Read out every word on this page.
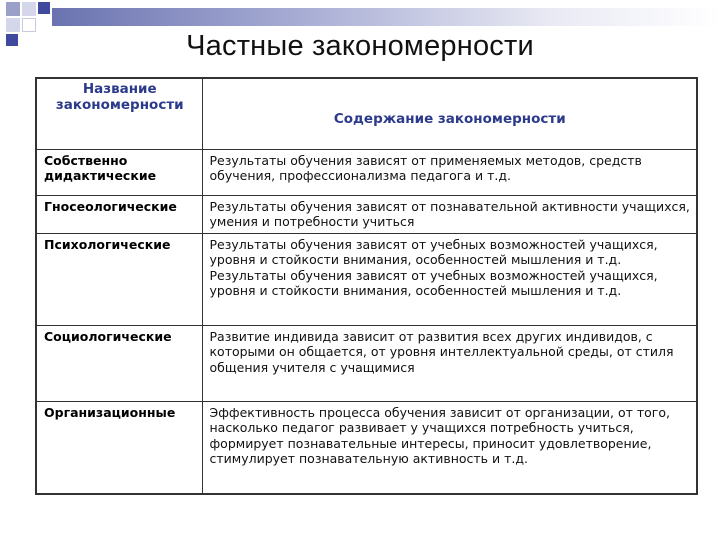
Частные закономерности
Название закономерности	Содержание закономерности
Собственно дидактические	Результаты обучения зависят от применяемых методов, средств обучения, профессионализма педагога и т.д.
Гносеологические	Результаты обучения зависят от познавательной активности учащихся, умения и потребности учиться
Психологические	Результаты обучения зависят от учебных возможностей учащихся, уровня и стойкости внимания, особенностей мышления и т.д. Результаты обучения зависят от учебных возможностей учащихся, уровня и стойкости внимания, особенностей мышления и т.д.
Социологические	Развитие индивида зависит от развития всех других индивидов, с которыми он общается, от уровня интеллектуальной среды, от стиля общения учителя с учащимися
Организационные	Эффективность процесса обучения зависит от организации, от того, насколько педагог развивает у учащихся потребность учиться, формирует познавательные интересы, приносит удовлетворение, стимулирует познавательную активность и т.д.
